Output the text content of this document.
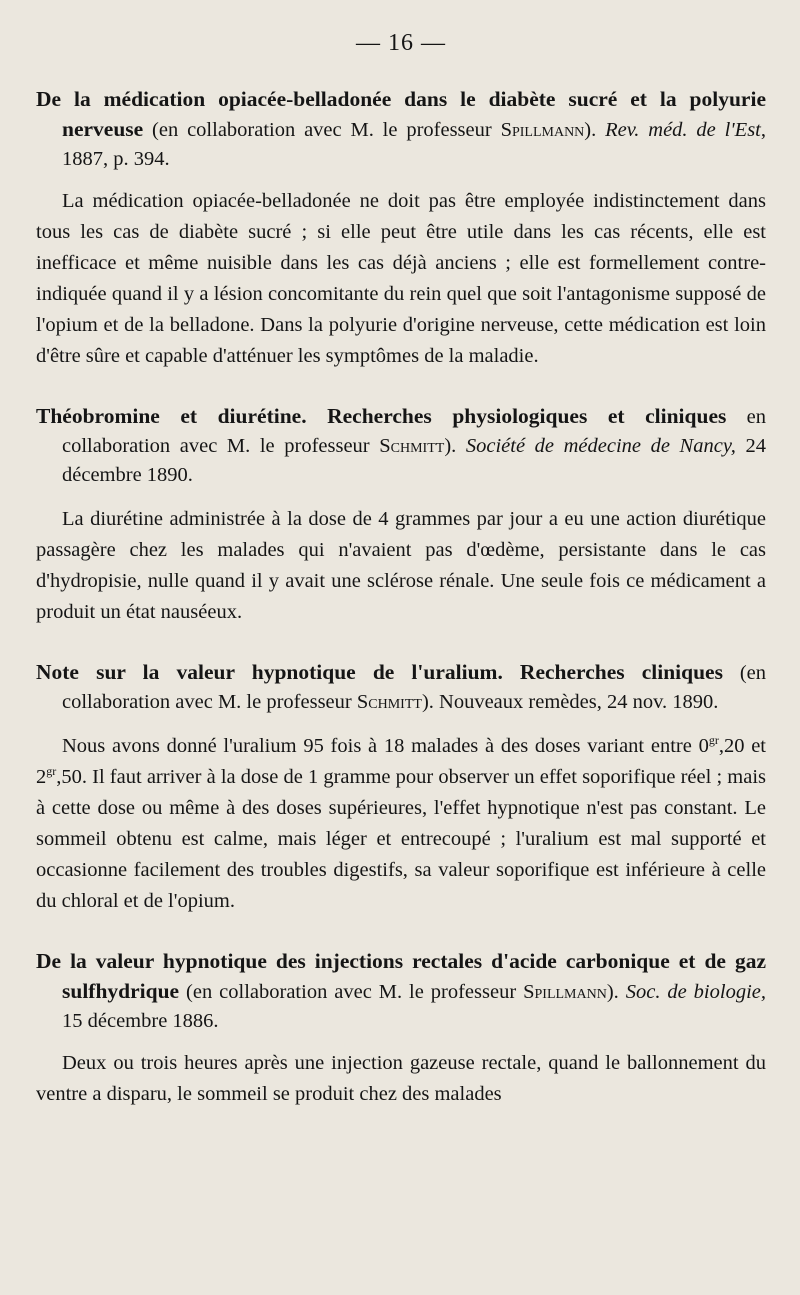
— 16 —
De la médication opiacée-belladonée dans le diabète sucré et la polyurie nerveuse (en collaboration avec M. le professeur Spillmann). Rev. méd. de l'Est, 1887, p. 394.
La médication opiacée-belladonée ne doit pas être employée indistinctement dans tous les cas de diabète sucré ; si elle peut être utile dans les cas récents, elle est inefficace et même nuisible dans les cas déjà anciens ; elle est formellement contre-indiquée quand il y a lésion concomitante du rein quel que soit l'antagonisme supposé de l'opium et de la belladone. Dans la polyurie d'origine nerveuse, cette médication est loin d'être sûre et capable d'atténuer les symptômes de la maladie.
Théobromine et diurétine. Recherches physiologiques et cliniques en collaboration avec M. le professeur Schmitt). Société de médecine de Nancy, 24 décembre 1890.
La diurétine administrée à la dose de 4 grammes par jour a eu une action diurétique passagère chez les malades qui n'avaient pas d'œdème, persistante dans le cas d'hydropisie, nulle quand il y avait une sclérose rénale. Une seule fois ce médicament a produit un état nauséeux.
Note sur la valeur hypnotique de l'uralium. Recherches cliniques (en collaboration avec M. le professeur Schmitt). Nouveaux remèdes, 24 nov. 1890.
Nous avons donné l'uralium 95 fois à 18 malades à des doses variant entre $0^{gr},20$ et $2^{gr},50$. Il faut arriver à la dose de 1 gramme pour observer un effet soporifique réel ; mais à cette dose ou même à des doses supérieures, l'effet hypnotique n'est pas constant. Le sommeil obtenu est calme, mais léger et entrecoupé ; l'uralium est mal supporté et occasionne facilement des troubles digestifs, sa valeur soporifique est inférieure à celle du chloral et de l'opium.
De la valeur hypnotique des injections rectales d'acide carbonique et de gaz sulfhydrique (en collaboration avec M. le professeur Spillmann). Soc. de biologie, 15 décembre 1886.
Deux ou trois heures après une injection gazeuse rectale, quand le ballonnement du ventre a disparu, le sommeil se produit chez des malades
